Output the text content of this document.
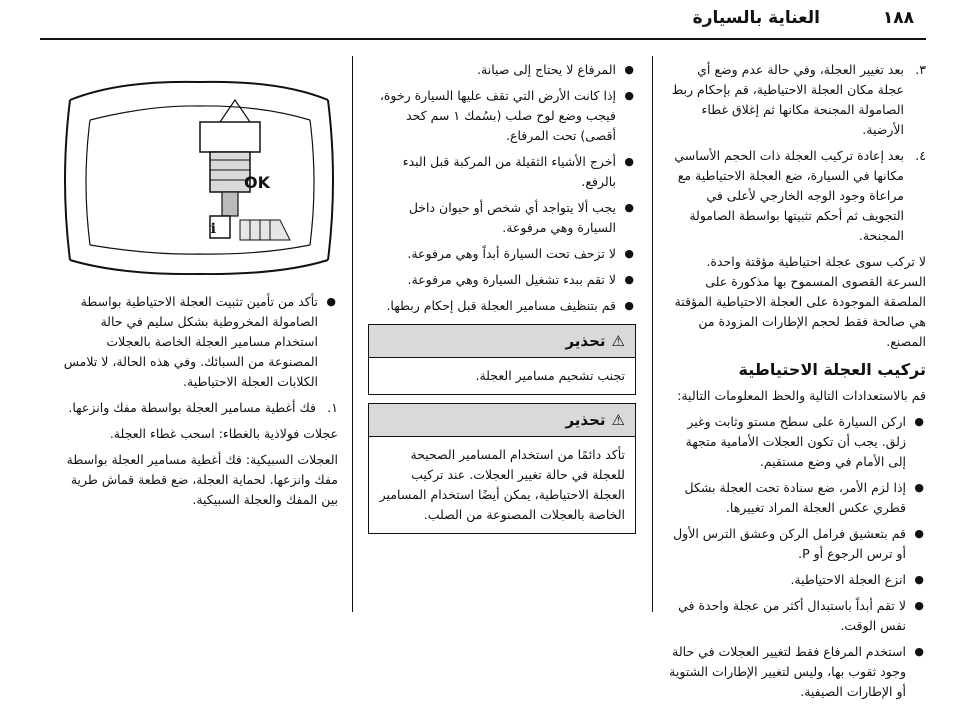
العناية بالسيارة	١٨٨
٣.
بعد تغيير العجلة، وفي حالة عدم وضع أي عجلة مكان العجلة الاحتياطية، قم بإحكام ربط الصامولة المجنحة مكانها ثم إغلاق غطاء الأرضية.
٤.
بعد إعادة تركيب العجلة ذات الحجم الأساسي مكانها في السيارة، ضع العجلة الاحتياطية مع مراعاة وجود الوجه الخارجي لأعلى في التجويف ثم أحكم تثبيتها بواسطة الصامولة المجنحة.
لا تركب سوى عجلة احتياطية مؤقتة واحدة. السرعة القصوى المسموح بها مذكورة على الملصقة الموجودة على العجلة الاحتياطية المؤقتة هي صالحة فقط لحجم الإطارات المزودة من المصنع.
تركيب العجلة الاحتياطية
قم بالاستعدادات التالية والحظ المعلومات التالية:
● اركن السيارة على سطح مستو وثابت وغير زلق. يجب أن تكون العجلات الأمامية متجهة إلى الأمام في وضع مستقيم.
● إذا لزم الأمر، ضع سنادة تحت العجلة بشكل قطري عكس العجلة المراد تغييرها.
● قم بتعشيق فرامل الركن وعشق الترس الأول أو ترس الرجوع أو P.
● انزع العجلة الاحتياطية.
● لا تقم أبداً باستبدال أكثر من عجلة واحدة في نفس الوقت.
● استخدم المرفاع فقط لتغيير العجلات في حالة وجود ثقوب بها، وليس لتغيير الإطارات الشتوية أو الإطارات الصيفية.
● المرفاع لا يحتاج إلى صيانة.
● إذا كانت الأرض التي تقف عليها السيارة رخوة، فيجب وضع لوح صلب (بسُمك ١ سم كحد أقصى) تحت المرفاع.
● أخرج الأشياء الثقيلة من المركبة قبل البدء بالرفع.
● يجب ألا يتواجد أي شخص أو حيوان داخل السيارة وهي مرفوعة.
● لا تزحف تحت السيارة أبداً وهي مرفوعة.
● لا تقم ببدء تشغيل السيارة وهي مرفوعة.
● قم بتنظيف مسامير العجلة قبل إحكام ربطها.
⚠
تحذير
تجنب تشحيم مسامير العجلة.
⚠
تحذير
تأكد دائمًا من استخدام المسامير الصحيحة للعجلة في حالة تغيير العجلات. عند تركيب العجلة الاحتياطية، يمكن أيضًا استخدام المسامير الخاصة بالعجلات المصنوعة من الصلب.
OK
i
● تأكد من تأمين تثبيت العجلة الاحتياطية بواسطة الصامولة المخروطية بشكل سليم في حالة استخدام مسامير العجلة الخاصة بالعجلات المصنوعة من السبائك. وفي هذه الحالة، لا تلامس الكلابات العجلة الاحتياطية.
١.
فك أغطية مسامير العجلة بواسطة مفك وانزعها.
عجلات فولاذية بالغطاء: اسحب غطاء العجلة.
العجلات السبيكية: فك أغطية مسامير العجلة بواسطة مفك وانزعها. لحماية العجلة، ضع قطعة قماش طرية بين المفك والعجلة السبيكية.
